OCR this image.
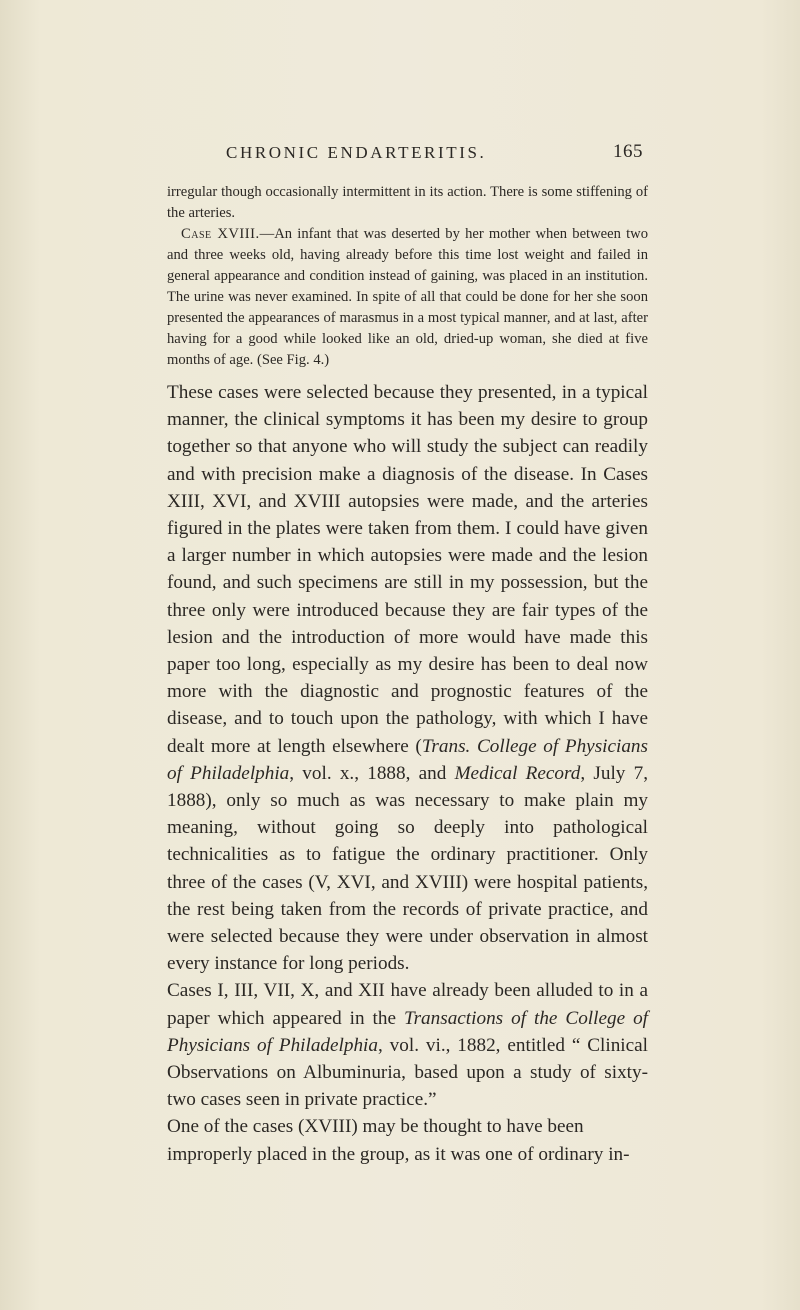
CHRONIC ENDARTERITIS.	165

irregular though occasionally intermittent in its action. There is some stiffening of the arteries.

Case XVIII.—An infant that was deserted by her mother when between two and three weeks old, having already before this time lost weight and failed in general appearance and condition instead of gaining, was placed in an institution. The urine was never examined. In spite of all that could be done for her she soon presented the appearances of marasmus in a most typical manner, and at last, after having for a good while looked like an old, dried-up woman, she died at five months of age. (See Fig. 4.)

These cases were selected because they presented, in a typical manner, the clinical symptoms it has been my desire to group together so that anyone who will study the subject can readily and with precision make a diagnosis of the disease. In Cases XIII, XVI, and XVIII autopsies were made, and the arteries figured in the plates were taken from them. I could have given a larger number in which autopsies were made and the lesion found, and such specimens are still in my possession, but the three only were introduced because they are fair types of the lesion and the introduction of more would have made this paper too long, especially as my desire has been to deal now more with the diagnostic and prognostic features of the disease, and to touch upon the pathology, with which I have dealt more at length elsewhere (Trans. College of Physicians of Philadelphia, vol. x., 1888, and Medical Record, July 7, 1888), only so much as was necessary to make plain my meaning, without going so deeply into pathological technicalities as to fatigue the ordinary practitioner. Only three of the cases (V, XVI, and XVIII) were hospital patients, the rest being taken from the records of private practice, and were selected because they were under observation in almost every instance for long periods.

Cases I, III, VII, X, and XII have already been alluded to in a paper which appeared in the Transactions of the College of Physicians of Philadelphia, vol. vi., 1882, entitled “ Clinical Observations on Albuminuria, based upon a study of sixty-two cases seen in private practice.”

One of the cases (XVIII) may be thought to have been improperly placed in the group, as it was one of ordinary in-
